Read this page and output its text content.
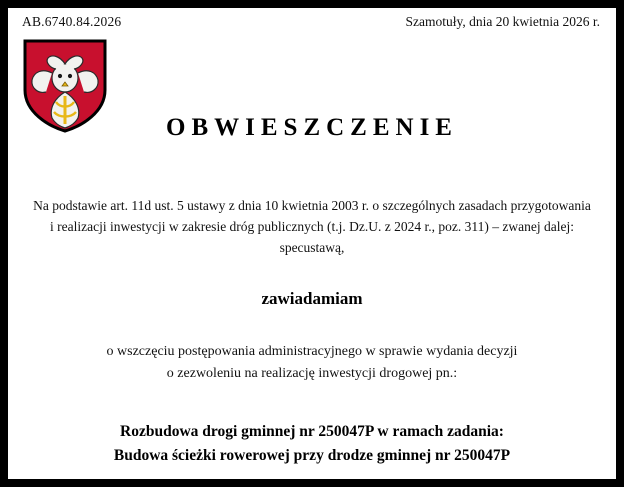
AB.6740.84.2026	Szamotuły, dnia 20 kwietnia 2026 r.
OBWIESZCZENIE
Na podstawie art. 11d ust. 5 ustawy z dnia 10 kwietnia 2003 r. o szczególnych zasadach przygotowania
i realizacji inwestycji w zakresie dróg publicznych (t.j. Dz.U. z 2024 r., poz. 311) – zwanej dalej: specustawą,
zawiadamiam
o wszczęciu postępowania administracyjnego w sprawie wydania decyzji
o zezwoleniu na realizację inwestycji drogowej pn.:
Rozbudowa drogi gminnej nr 250047P w ramach zadania:
Budowa ścieżki rowerowej przy drodze gminnej nr 250047P
